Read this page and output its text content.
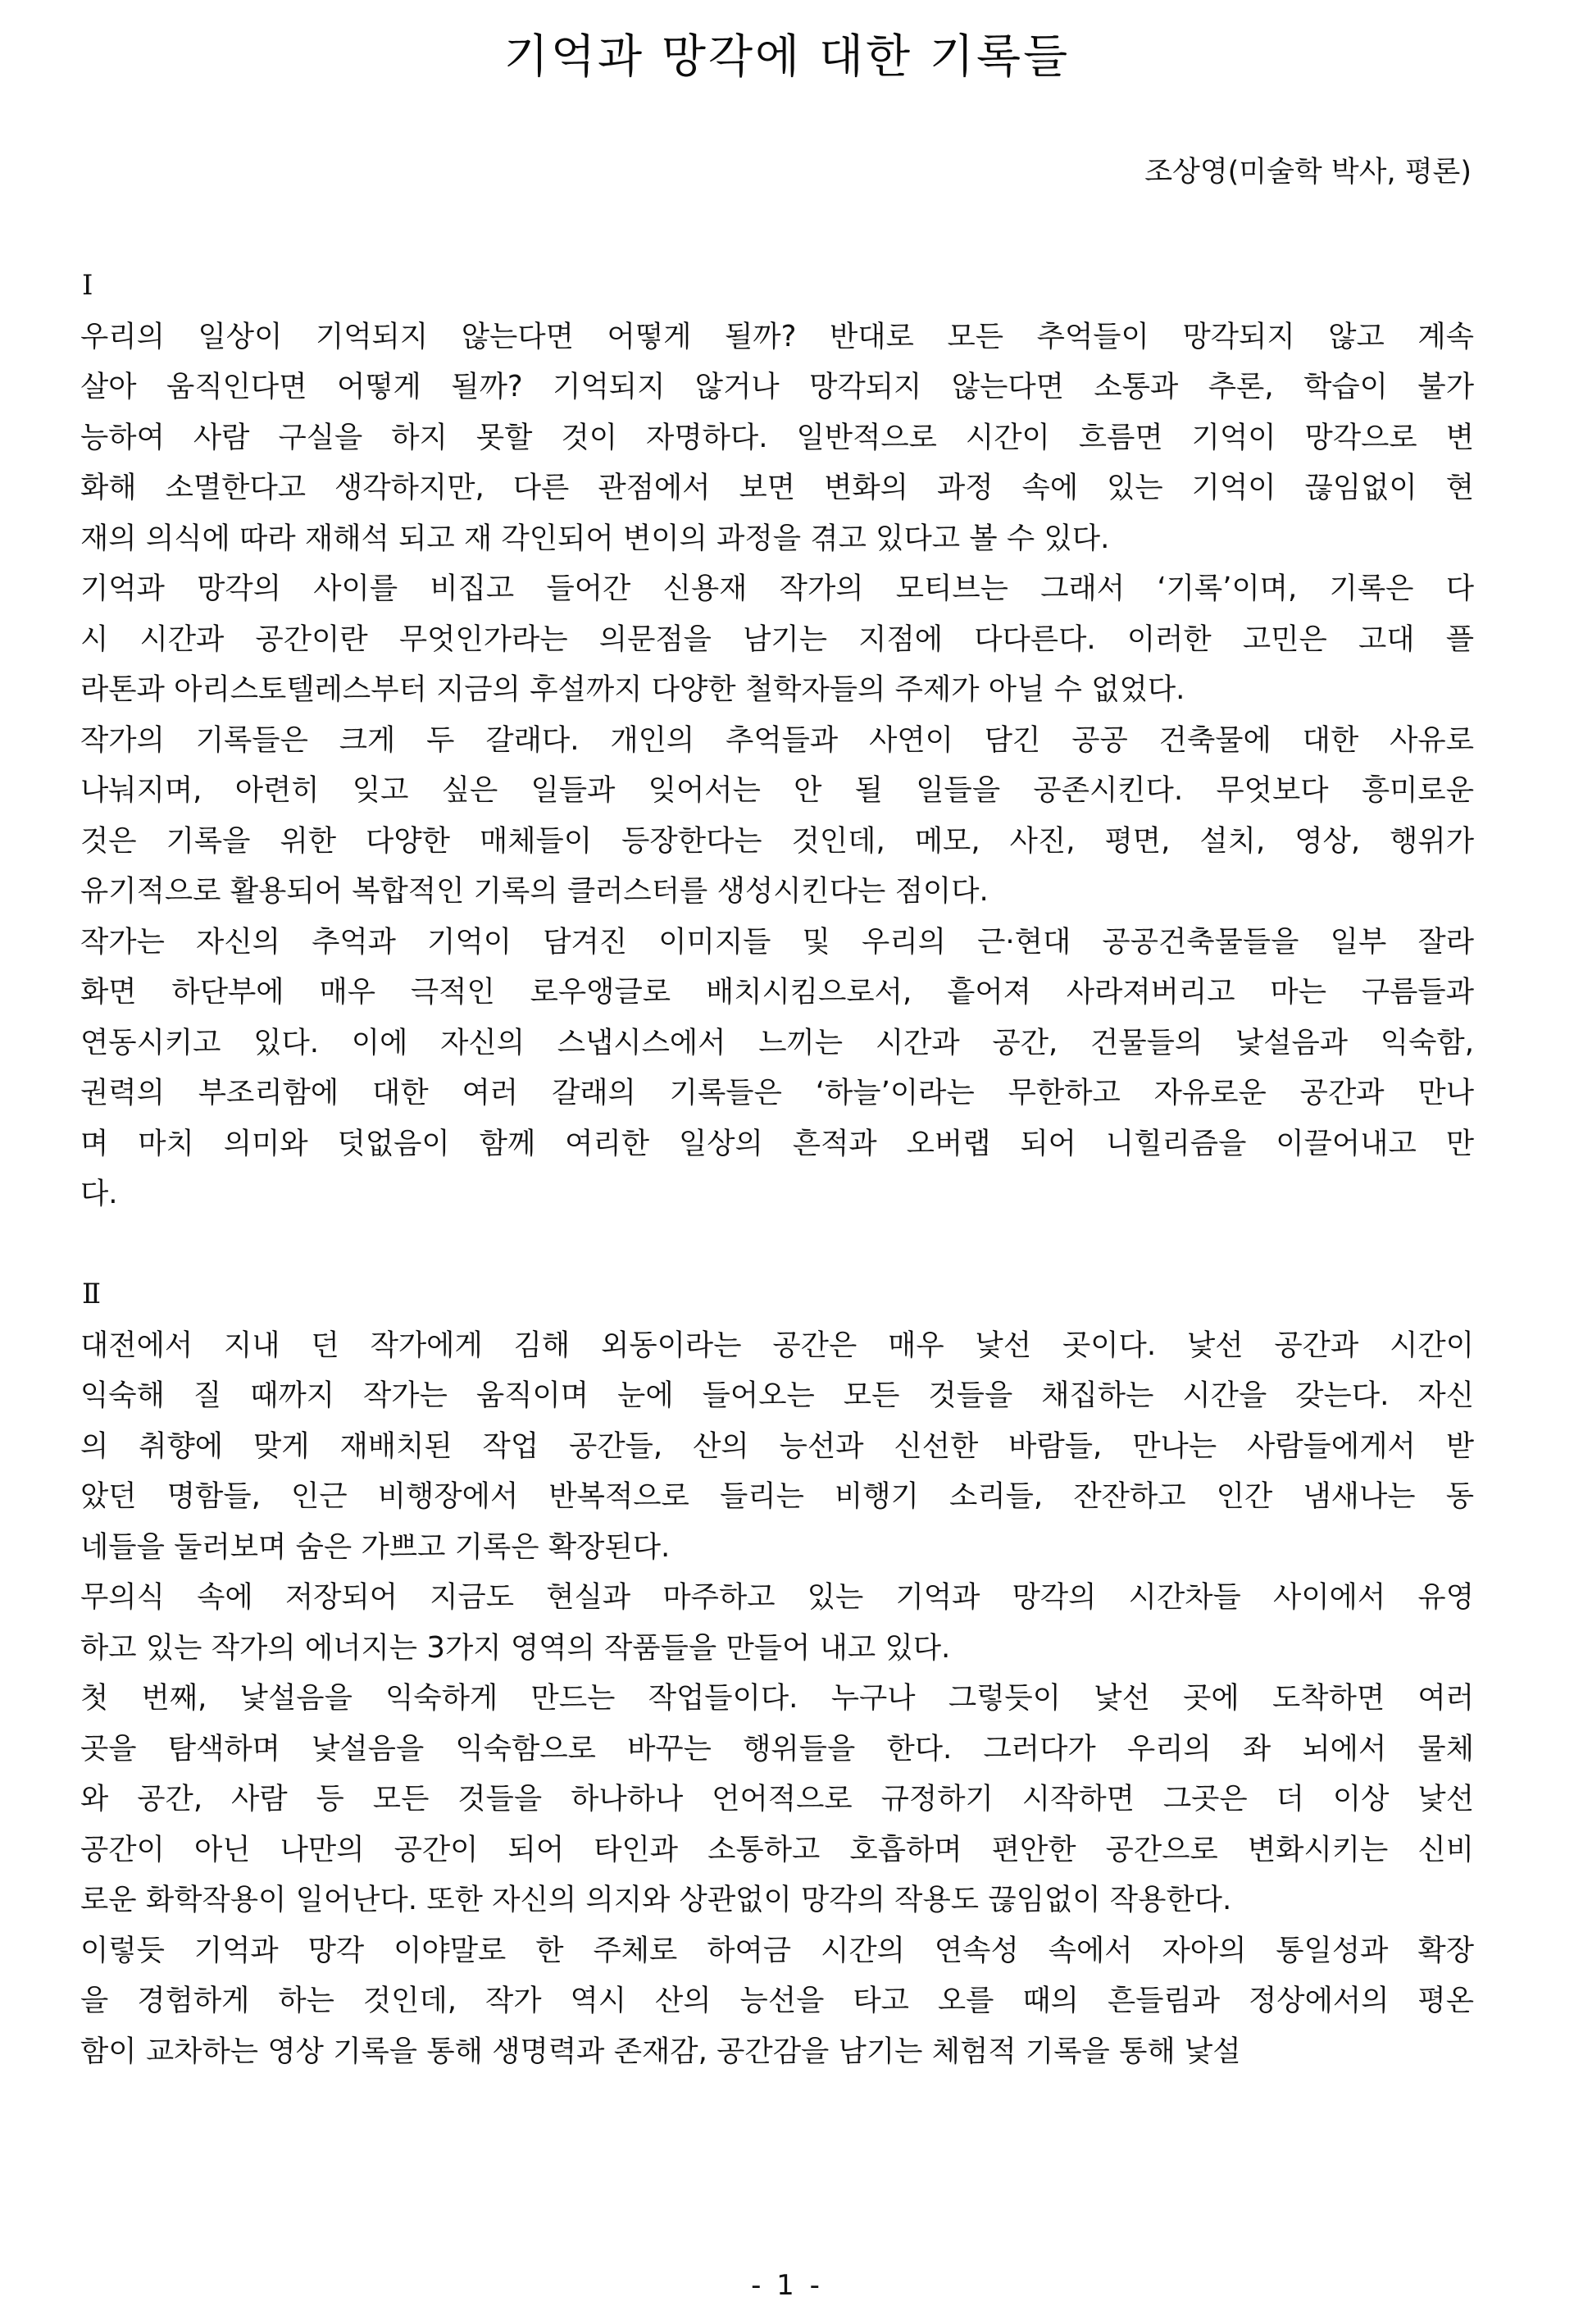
기억과 망각에 대한 기록들

조상영(미술학 박사, 평론)

Ⅰ

우리의 일상이 기억되지 않는다면 어떻게 될까? 반대로 모든 추억들이 망각되지 않고 계속

살아 움직인다면 어떻게 될까? 기억되지 않거나 망각되지 않는다면 소통과 추론, 학습이 불가

능하여 사람 구실을 하지 못할 것이 자명하다. 일반적으로 시간이 흐름면 기억이 망각으로 변

화해 소멸한다고 생각하지만, 다른 관점에서 보면 변화의 과정 속에 있는 기억이 끊임없이 현

재의 의식에 따라 재해석 되고 재 각인되어 변이의 과정을 겪고 있다고 볼 수 있다.

기억과 망각의 사이를 비집고 들어간 신용재 작가의 모티브는 그래서 ‘기록’이며, 기록은 다

시 시간과 공간이란 무엇인가라는 의문점을 남기는 지점에 다다른다. 이러한 고민은 고대 플

라톤과 아리스토텔레스부터 지금의 후설까지 다양한 철학자들의 주제가 아닐 수 없었다.

작가의 기록들은 크게 두 갈래다. 개인의 추억들과 사연이 담긴 공공 건축물에 대한 사유로

나눠지며, 아련히 잊고 싶은 일들과 잊어서는 안 될 일들을 공존시킨다. 무엇보다 흥미로운

것은 기록을 위한 다양한 매체들이 등장한다는 것인데, 메모, 사진, 평면, 설치, 영상, 행위가

유기적으로 활용되어 복합적인 기록의 클러스터를 생성시킨다는 점이다.

작가는 자신의 추억과 기억이 담겨진 이미지들 및 우리의 근·현대 공공건축물들을 일부 잘라

화면 하단부에 매우 극적인 로우앵글로 배치시킴으로서, 흩어져 사라져버리고 마는 구름들과

연동시키고 있다. 이에 자신의 스냅시스에서 느끼는 시간과 공간, 건물들의 낯설음과 익숙함,

권력의 부조리함에 대한 여러 갈래의 기록들은 ‘하늘’이라는 무한하고 자유로운 공간과 만나

며 마치 의미와 덧없음이 함께 여리한 일상의 흔적과 오버랩 되어 니힐리즘을 이끌어내고 만

다.

Ⅱ

대전에서 지내 던 작가에게 김해 외동이라는 공간은 매우 낯선 곳이다. 낯선 공간과 시간이

익숙해 질 때까지 작가는 움직이며 눈에 들어오는 모든 것들을 채집하는 시간을 갖는다. 자신

의 취향에 맞게 재배치된 작업 공간들, 산의 능선과 신선한 바람들, 만나는 사람들에게서 받

았던 명함들, 인근 비행장에서 반복적으로 들리는 비행기 소리들, 잔잔하고 인간 냄새나는 동

네들을 둘러보며 숨은 가쁘고 기록은 확장된다.

무의식 속에 저장되어 지금도 현실과 마주하고 있는 기억과 망각의 시간차들 사이에서 유영

하고 있는 작가의 에너지는 3가지 영역의 작품들을 만들어 내고 있다.

첫 번째, 낯설음을 익숙하게 만드는 작업들이다. 누구나 그렇듯이 낯선 곳에 도착하면 여러

곳을 탐색하며 낯설음을 익숙함으로 바꾸는 행위들을 한다. 그러다가 우리의 좌 뇌에서 물체

와 공간, 사람 등 모든 것들을 하나하나 언어적으로 규정하기 시작하면 그곳은 더 이상 낯선

공간이 아닌 나만의 공간이 되어 타인과 소통하고 호흡하며 편안한 공간으로 변화시키는 신비

로운 화학작용이 일어난다. 또한 자신의 의지와 상관없이 망각의 작용도 끊임없이 작용한다.

이렇듯 기억과 망각 이야말로 한 주체로 하여금 시간의 연속성 속에서 자아의 통일성과 확장

을 경험하게 하는 것인데, 작가 역시 산의 능선을 타고 오를 때의 흔들림과 정상에서의 평온

함이 교차하는 영상 기록을 통해 생명력과 존재감, 공간감을 남기는 체험적 기록을 통해 낯설

- 1 -
